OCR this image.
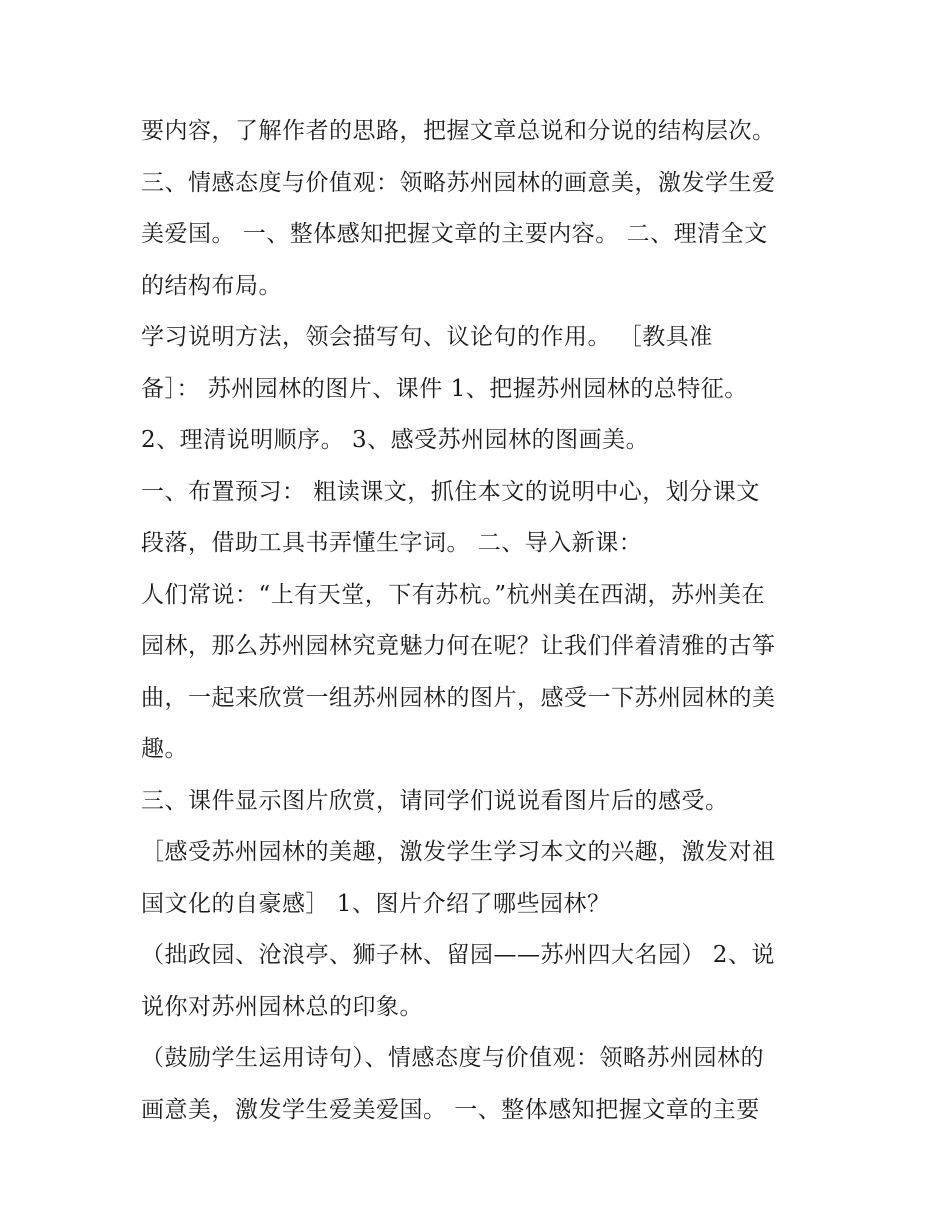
要内容，了解作者的思路，把握文章总说和分说的结构层次。
三、情感态度与价值观：领略苏州园林的画意美，激发学生爱
美爱国。 一、整体感知把握文章的主要内容。 二、理清全文
的结构布局。
学习说明方法，领会描写句、议论句的作用。 ［教具准
备］： 苏州园林的图片、课件 1、把握苏州园林的总特征。
2、理清说明顺序。 3、感受苏州园林的图画美。
一、布置预习： 粗读课文，抓住本文的说明中心，划分课文
段落，借助工具书弄懂生字词。 二、导入新课：
人们常说：“上有天堂，下有苏杭。”杭州美在西湖，苏州美在
园林，那么苏州园林究竟魅力何在呢？让我们伴着清雅的古筝
曲，一起来欣赏一组苏州园林的图片，感受一下苏州园林的美
趣。
三、课件显示图片欣赏，请同学们说说看图片后的感受。
［感受苏州园林的美趣，激发学生学习本文的兴趣，激发对祖
国文化的自豪感］ 1、图片介绍了哪些园林？
（拙政园、沧浪亭、狮子林、留园——苏州四大名园） 2、说
说你对苏州园林总的印象。
（鼓励学生运用诗句）、情感态度与价值观：领略苏州园林的
画意美，激发学生爱美爱国。 一、整体感知把握文章的主要
